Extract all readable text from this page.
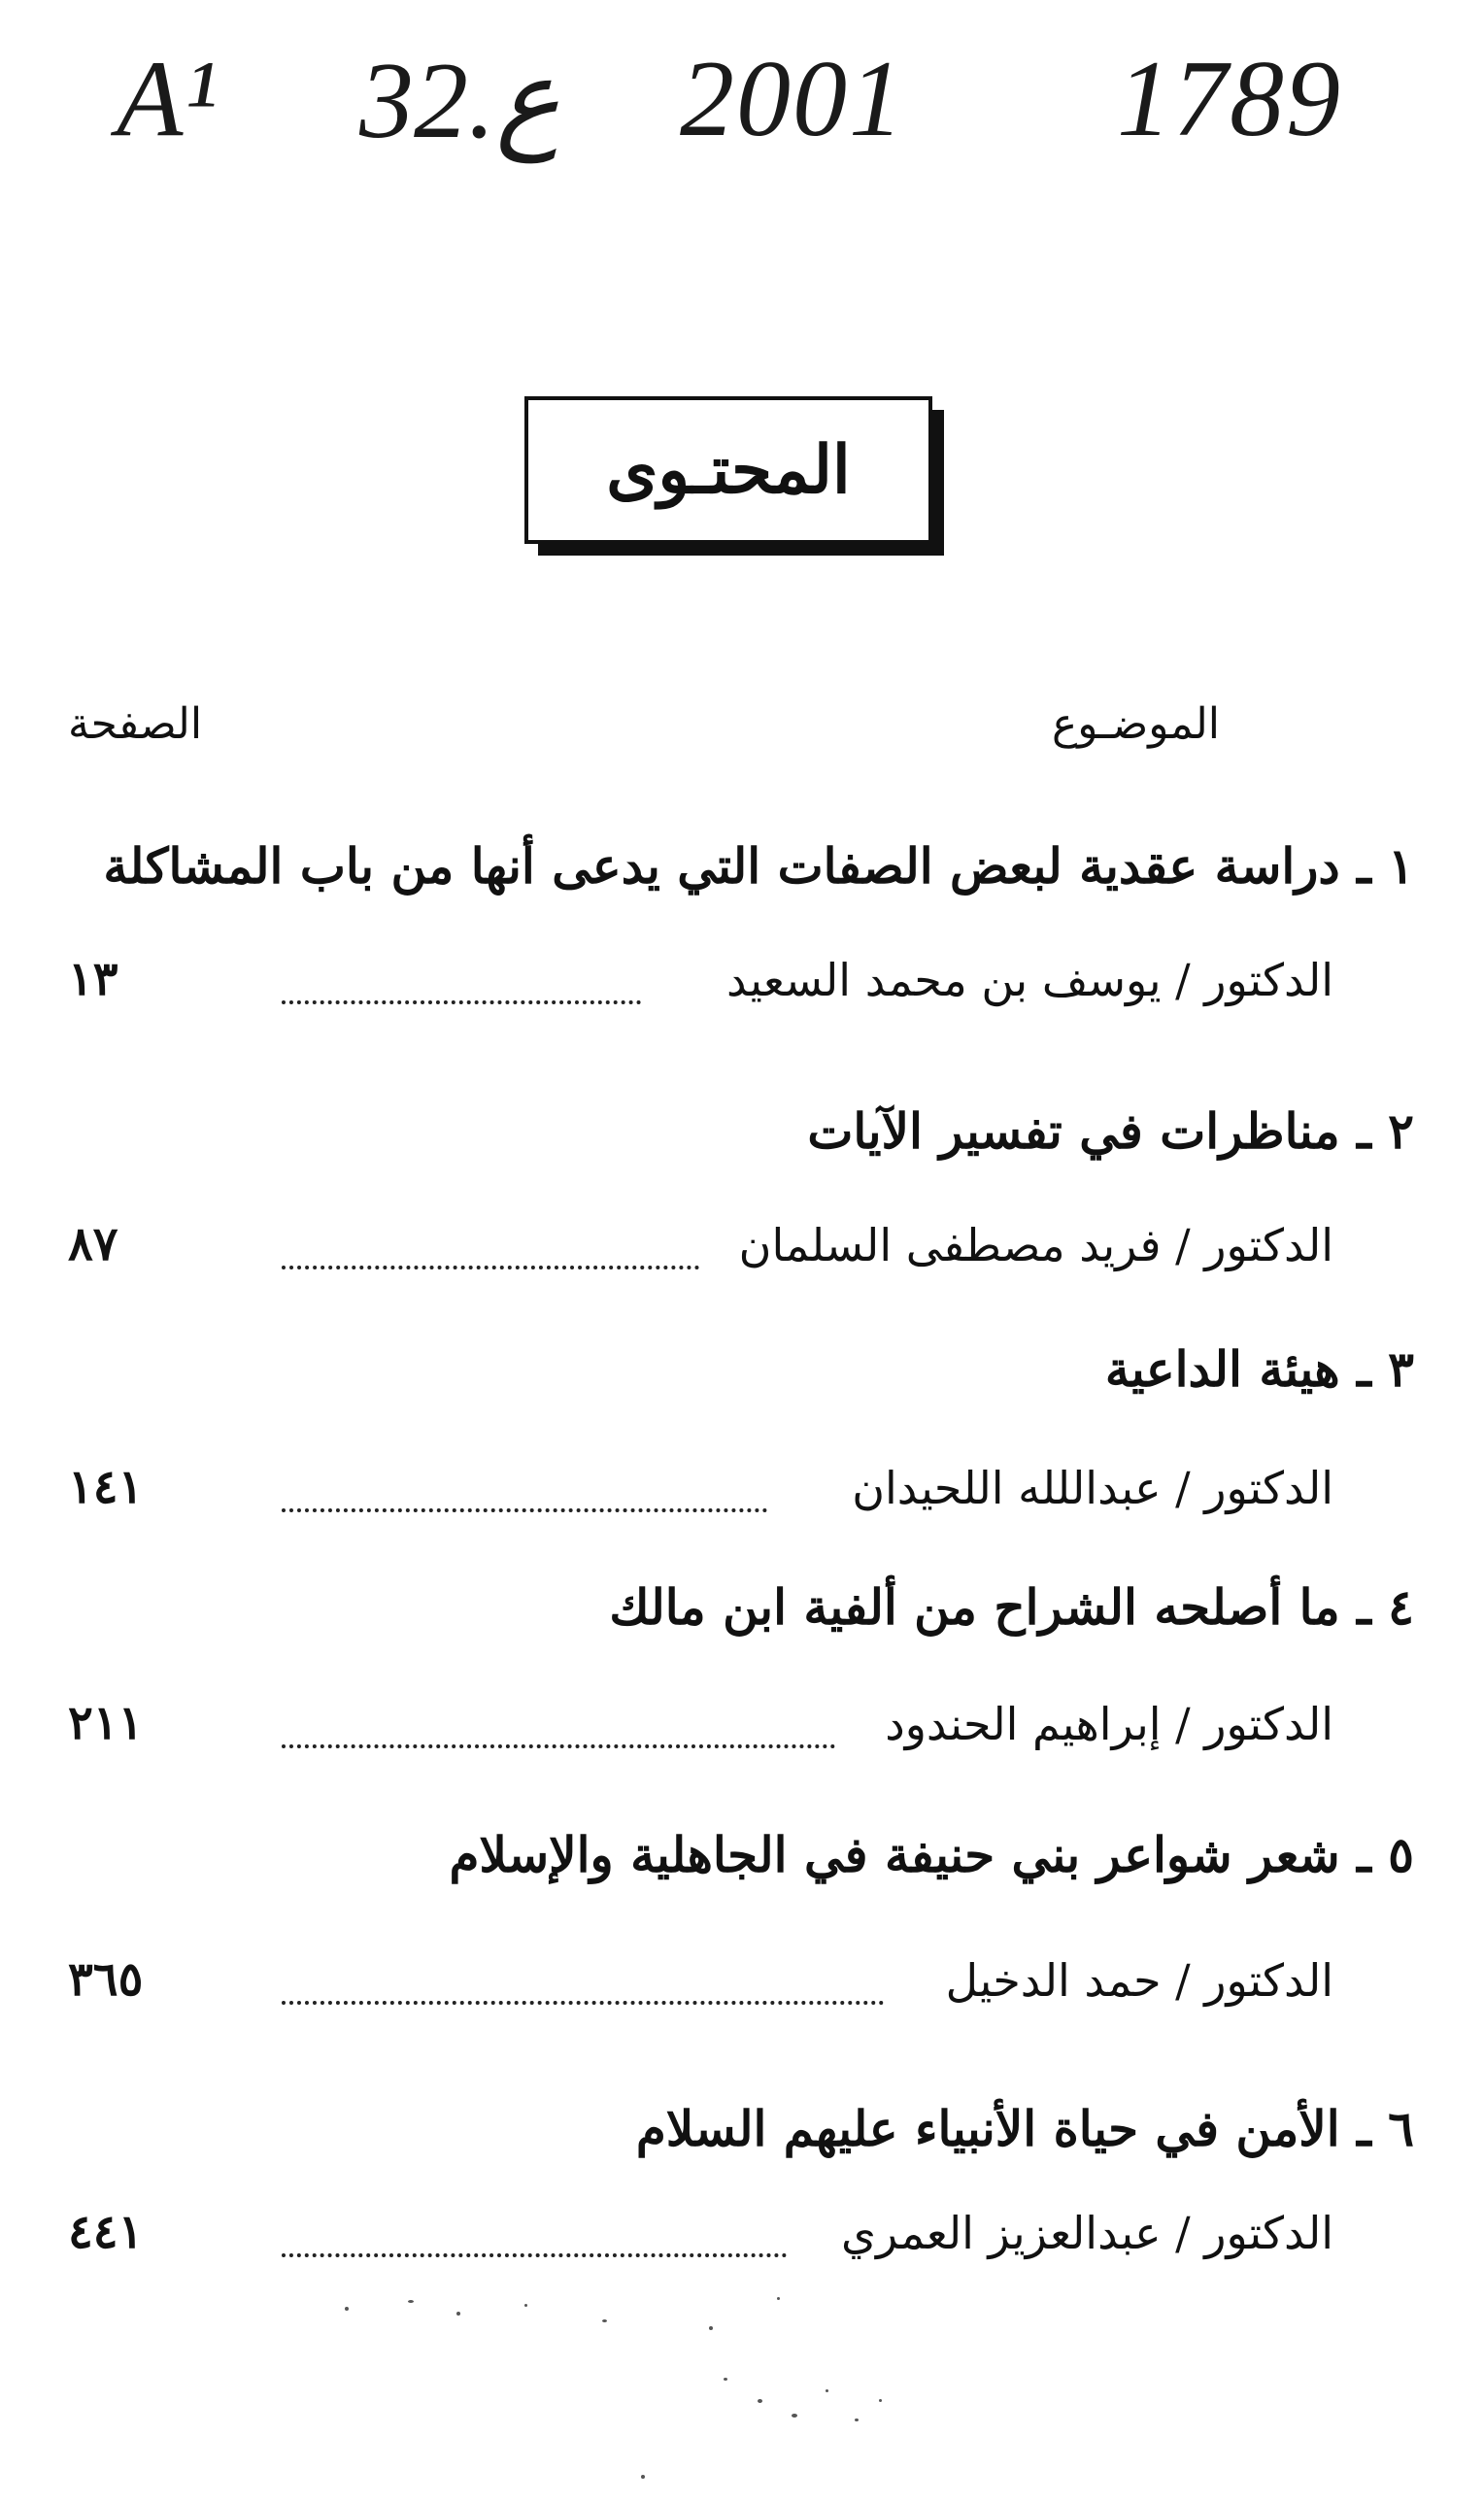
A¹ 32.ع 2001 1789
المحتـوى
الموضـوع
الصفحة
١ ـ دراسة عقدية لبعض الصفات التي يدعى أنها من باب المشاكلة
الدكتور / يوسف بن محمد السعيد
١٣
٢ ـ مناظرات في تفسير الآيات
الدكتور / فريد مصطفى السلمان
٨٧
٣ ـ هيئة الداعية
الدكتور / عبداللله اللحيدان
١٤١
٤ ـ ما أصلحه الشراح من ألفية ابن مالك
الدكتور / إبراهيم الحندود
٢١١
٥ ـ شعر شواعر بني حنيفة في الجاهلية والإسلام
الدكتور / حمد الدخيل
٣٦٥
٦ ـ الأمن في حياة الأنبياء عليهم السلام
الدكتور / عبدالعزيز العمري
٤٤١
